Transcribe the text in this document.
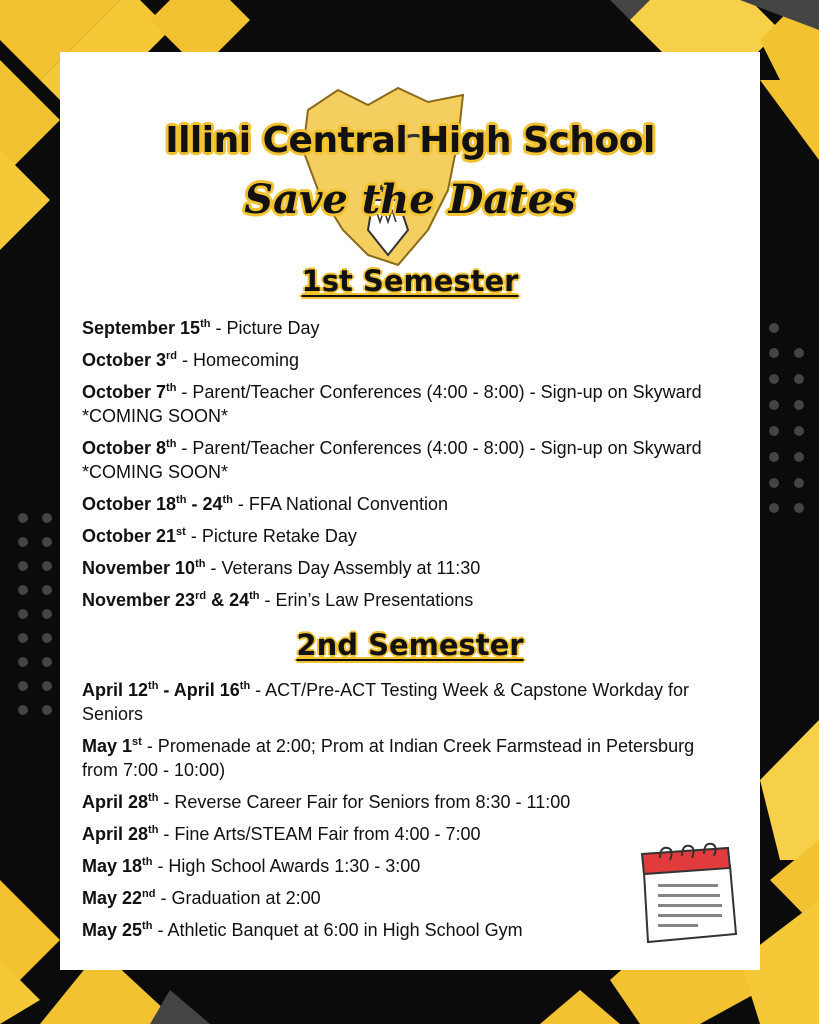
Illini Central High School
Save the Dates
1st Semester
September 15th - Picture Day
October 3rd - Homecoming
October 7th - Parent/Teacher Conferences (4:00 - 8:00) - Sign-up on Skyward *COMING SOON*
October 8th - Parent/Teacher Conferences (4:00 - 8:00) - Sign-up on Skyward *COMING SOON*
October 18th - 24th - FFA National Convention
October 21st - Picture Retake Day
November 10th - Veterans Day Assembly at 11:30
November 23rd & 24th - Erin’s Law Presentations
2nd Semester
April 12th - April 16th - ACT/Pre-ACT Testing Week & Capstone Workday for Seniors
May 1st - Promenade at 2:00; Prom at Indian Creek Farmstead in Petersburg from 7:00 - 10:00)
April 28th - Reverse Career Fair for Seniors from 8:30 - 11:00
April 28th - Fine Arts/STEAM Fair from 4:00 - 7:00
May 18th - High School Awards 1:30 - 3:00
May 22nd - Graduation at 2:00
May 25th - Athletic Banquet at 6:00 in High School Gym
